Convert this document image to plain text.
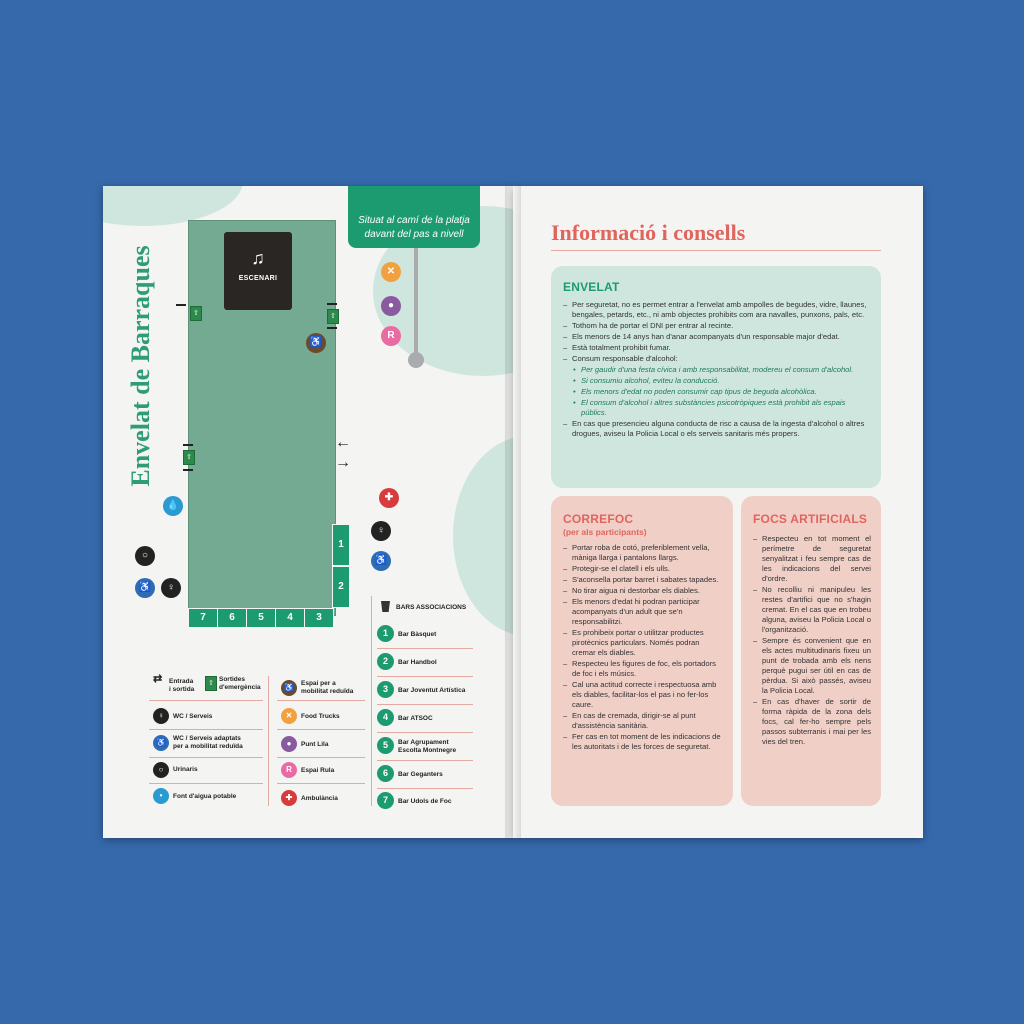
Envelat de Barraques	♫
ESCENARI
Situat al camí de la platja
davant del pas a nivell
✕
●
R
⇧	⇧
⇧
♿
←
→
✚
♀
♿
💧
○
♿	♀
1
2
7	6	5	4	3
⇄ Entrada
i sortida
⇧
Sortides
d'emergència
♀	WC / Serveis
♿	WC / Serveis adaptats
per a mobilitat reduïda
○	Urinaris
•	Font d'aigua potable
♿	Espai per a
mobilitat reduïda
✕	Food Trucks
●	Punt Lila
R	Espai Rula
✚	Ambulància
BARS ASSOCIACIONS
1	Bar Bàsquet
2	Bar Handbol
3	Bar Joventut Artística
4	Bar ATSOC
5	Bar Agrupament
Escolta Montnegre
6	Bar Geganters
7	Bar Udols de Foc
Informació i consells
ENVELAT
– Per seguretat, no es permet entrar a l'envelat amb ampolles de begudes, vidre, llaunes, bengales, petards, etc., ni amb objectes prohibits com ara navalles, punxons, pals, etc.
– Tothom ha de portar el DNI per entrar al recinte.
– Els menors de 14 anys han d'anar acompanyats d'un responsable major d'edat.
– Està totalment prohibit fumar.
– Consum responsable d'alcohol:
• Per gaudir d'una festa cívica i amb responsabilitat, modereu el consum d'alcohol.
• Si consumiu alcohol, eviteu la conducció.
• Els menors d'edat no poden consumir cap tipus de beguda alcohòlica.
• El consum d'alcohol i altres substàncies psicotròpiques està prohibit als espais públics.
– En cas que presencieu alguna conducta de risc a causa de la ingesta d'alcohol o altres drogues, aviseu la Policia Local o els serveis sanitaris més propers.
CORREFOC
(per als participants)
– Portar roba de cotó, preferiblement vella, màniga llarga i pantalons llargs.
– Protegir-se el clatell i els ulls.
– S'aconsella portar barret i sabates tapades.
– No tirar aigua ni destorbar els diables.
– Els menors d'edat hi podran participar acompanyats d'un adult que se'n responsabilitzi.
– Es prohibeix portar o utilitzar productes pirotècnics particulars. Només podran cremar els diables.
– Respecteu les figures de foc, els portadors de foc i els músics.
– Cal una actitud correcte i respectuosa amb els diables, facilitar-los el pas i no fer-los caure.
– En cas de cremada, dirigir-se al punt d'assistència sanitària.
– Fer cas en tot moment de les indicacions de les autoritats i de les forces de seguretat.
FOCS ARTIFICIALS
– Respecteu en tot moment el perímetre de seguretat senyalitzat i feu sempre cas de les indicacions del servei d'ordre.
– No recolliu ni manipuleu les restes d'artifici que no s'hagin cremat. En el cas que en trobeu alguna, aviseu la Policia Local o l'organització.
– Sempre és convenient que en els actes multitudinaris fixeu un punt de trobada amb els nens perquè pugui ser útil en cas de pèrdua. Si això passés, aviseu la Policia Local.
– En cas d'haver de sortir de forma ràpida de la zona dels focs, cal fer-ho sempre pels passos subterranis i mai per les vies del tren.
